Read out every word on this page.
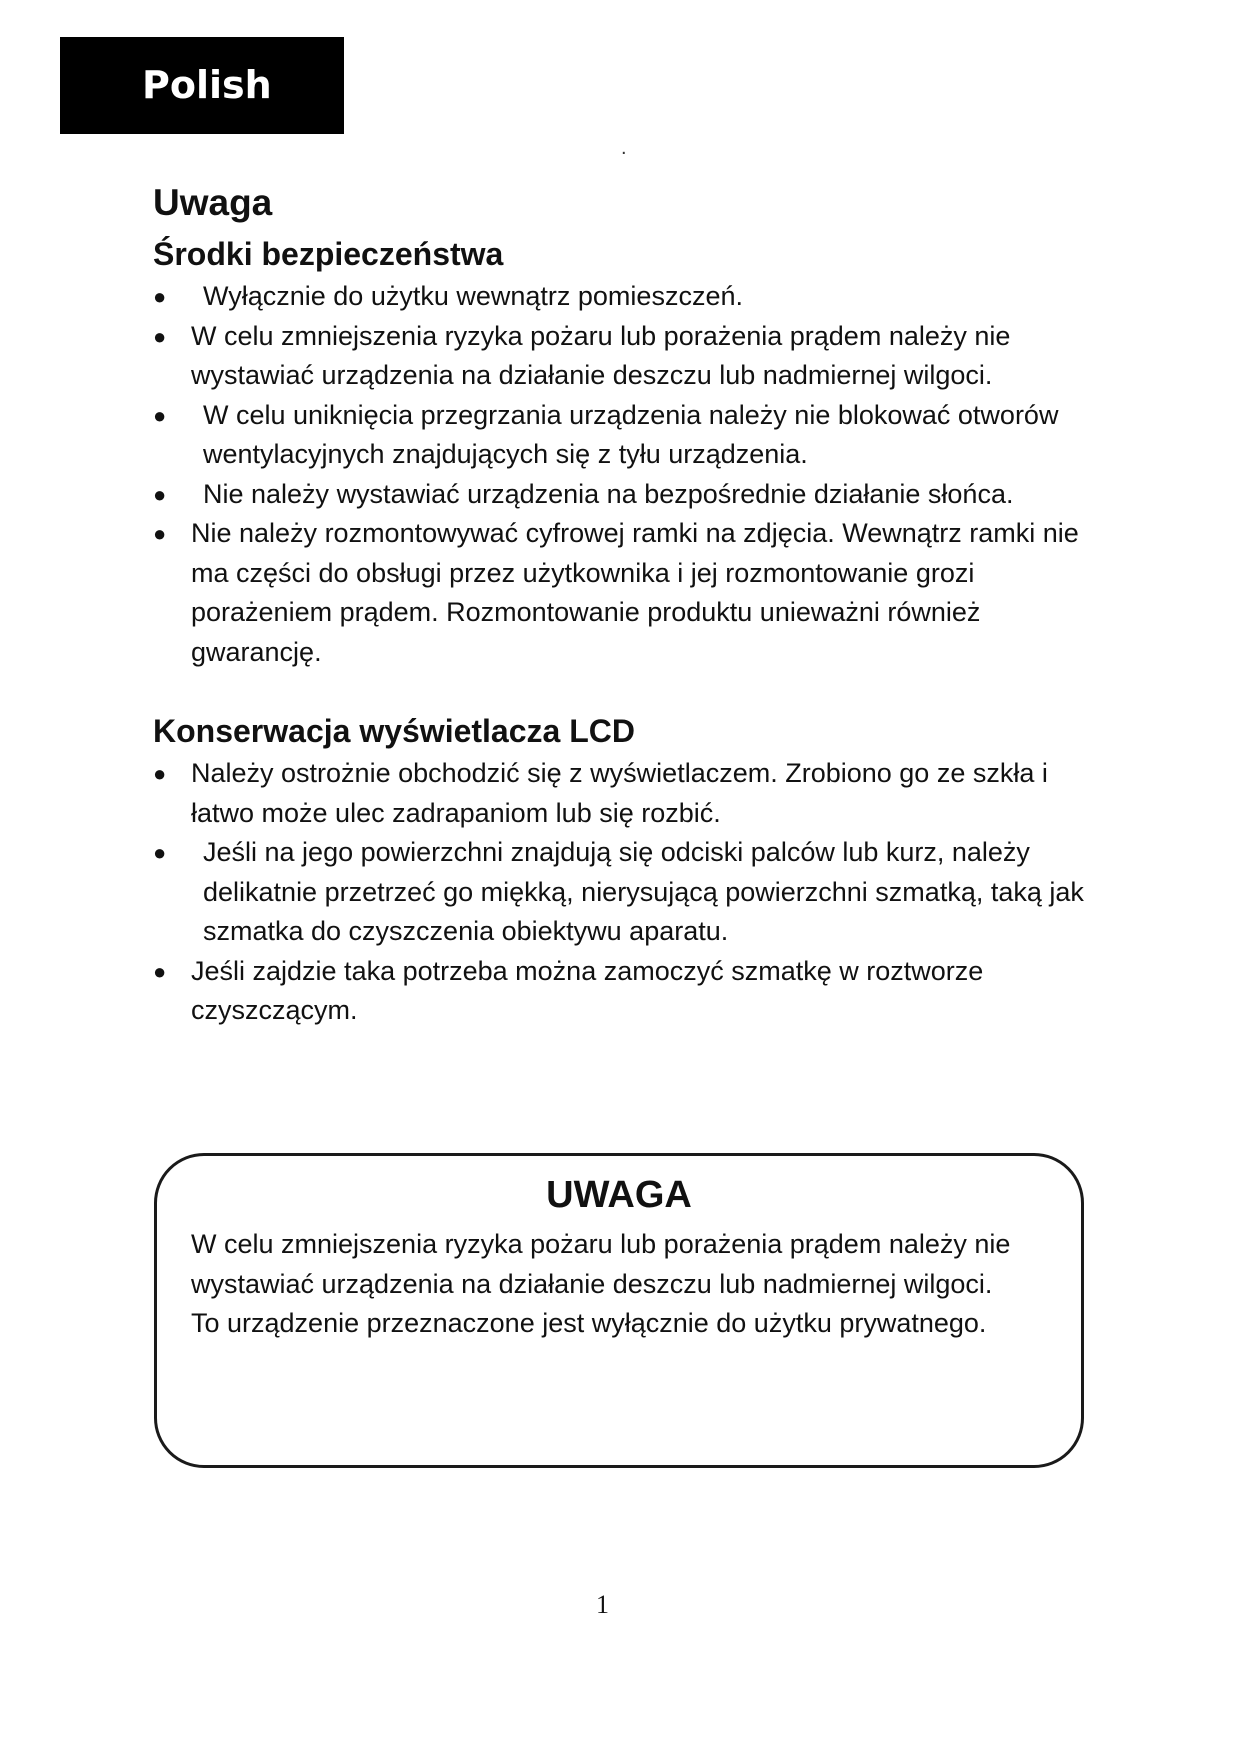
Polish
.
Uwaga
Środki bezpieczeństwa
● Wyłącznie do użytku wewnątrz pomieszczeń.
● W celu zmniejszenia ryzyka pożaru lub porażenia prądem należy nie wystawiać urządzenia na działanie deszczu lub nadmiernej wilgoci.
● W celu uniknięcia przegrzania urządzenia należy nie blokować otworów wentylacyjnych znajdujących się z tyłu urządzenia.
● Nie należy wystawiać urządzenia na bezpośrednie działanie słońca.
● Nie należy rozmontowywać cyfrowej ramki na zdjęcia. Wewnątrz ramki nie ma części do obsługi przez użytkownika i jej rozmontowanie grozi porażeniem prądem. Rozmontowanie produktu unieważni również gwarancję.
Konserwacja wyświetlacza LCD
● Należy ostrożnie obchodzić się z wyświetlaczem. Zrobiono go ze szkła i łatwo może ulec zadrapaniom lub się rozbić.
● Jeśli na jego powierzchni znajdują się odciski palców lub kurz, należy delikatnie przetrzeć go miękką, nierysującą powierzchni szmatką, taką jak szmatka do czyszczenia obiektywu aparatu.
● Jeśli zajdzie taka potrzeba można zamoczyć szmatkę w roztworze czyszczącym.
UWAGA

W celu zmniejszenia ryzyka pożaru lub porażenia prądem należy nie wystawiać urządzenia na działanie deszczu lub nadmiernej wilgoci.

To urządzenie przeznaczone jest wyłącznie do użytku prywatnego.

1
